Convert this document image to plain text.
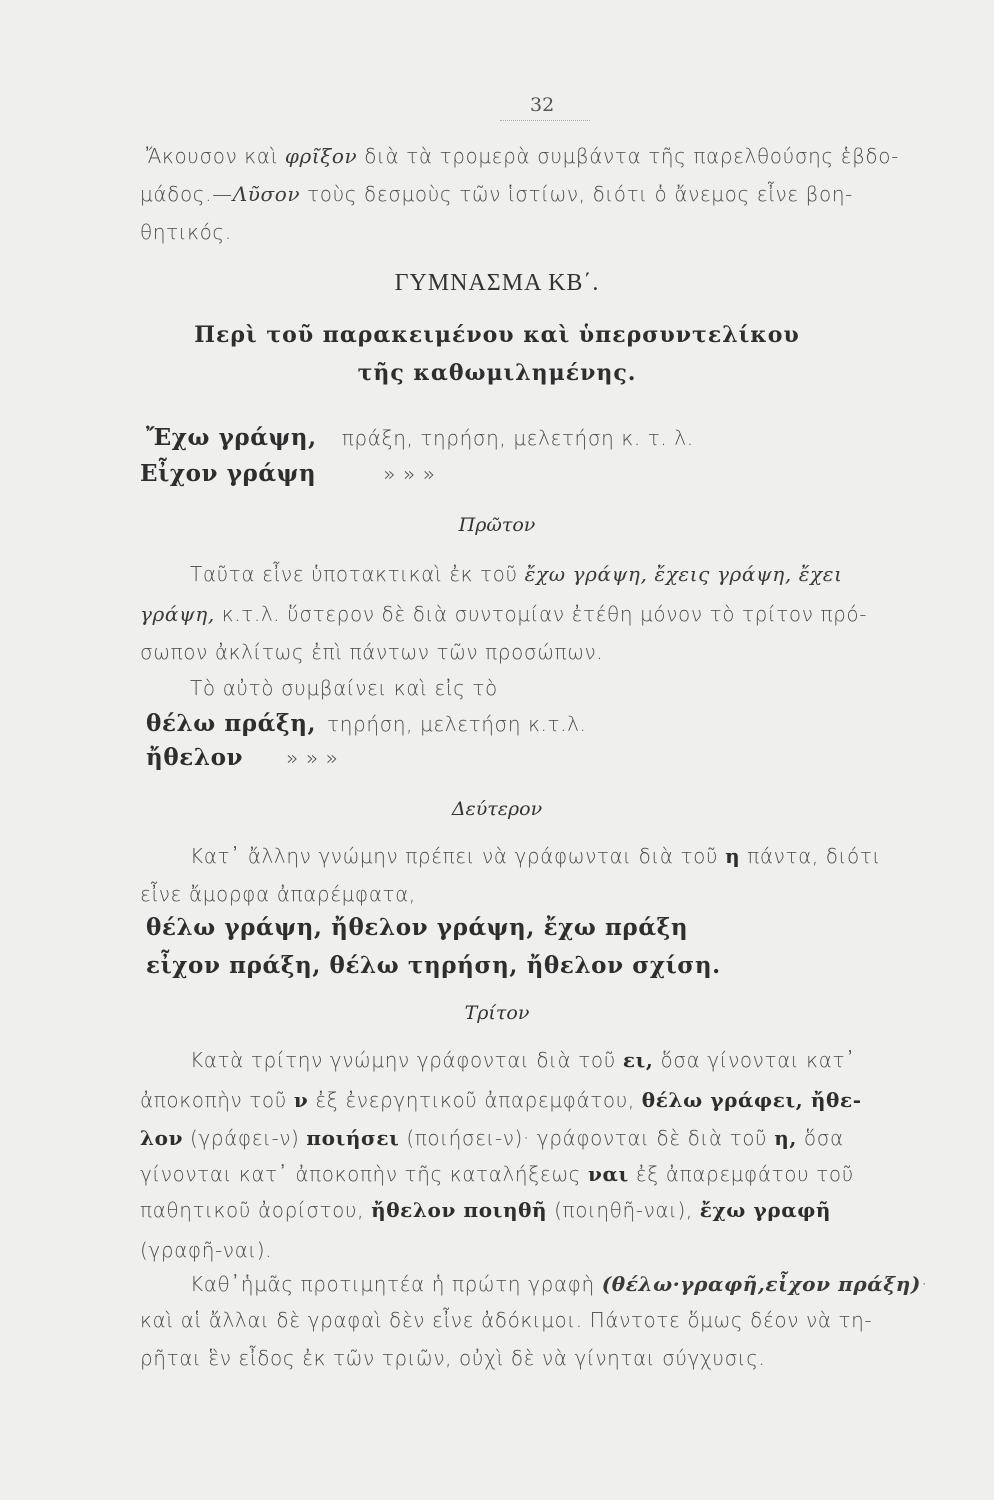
32
Ἄκουσον καὶ φρῖξον διὰ τὰ τρομερὰ συμβάντα τῆς παρελθούσης ἑβδο-
μάδος.—Λῦσον τοὺς δεσμοὺς τῶν ἱστίων, διότι ὁ ἄνεμος εἶνε βοη-
θητικός.
ΓΥΜΝΑΣΜΑ ΚΒ΄.
Περὶ τοῦ παρακειμένου καὶ ὑπερσυντελίκου
τῆς καθωμιλημένης.
Ἔχω γράψη, πράξη, τηρήση, μελετήση κ. τ. λ.
Εἶχον γράψη	» » »
Πρῶτον
Ταῦτα εἶνε ὑποτακτικαὶ ἐκ τοῦ ἔχω γράψη, ἔχεις γράψη, ἔχει
γράψη, κ.τ.λ. ὕστερον δὲ διὰ συντομίαν ἐτέθη μόνον τὸ τρίτον πρό-
σωπον ἀκλίτως ἐπὶ πάντων τῶν προσώπων.
Τὸ αὐτὸ συμβαίνει καὶ εἰς τὸ
θέλω πράξη, τηρήση, μελετήση κ.τ.λ.
ἤθελον » » »
Δεύτερον
Κατ᾽ ἄλλην γνώμην πρέπει νὰ γράφωνται διὰ τοῦ η πάντα, διότι
εἶνε ἄμορφα ἀπαρέμφατα,
θέλω γράψη, ἤθελον γράψη, ἔχω πράξη
εἶχον πράξη, θέλω τηρήση, ἤθελον σχίση.
Τρίτον
Κατὰ τρίτην γνώμην γράφονται διὰ τοῦ ει, ὅσα γίνονται κατ᾽
ἀποκοπὴν τοῦ ν ἐξ ἐνεργητικοῦ ἀπαρεμφάτου, θέλω γράφει, ἤθε-
λον (γράφει-ν) ποιήσει (ποιήσει-ν)· γράφονται δὲ διὰ τοῦ η, ὅσα
γίνονται κατ᾽ ἀποκοπὴν τῆς καταλήξεως ναι ἐξ ἀπαρεμφάτου τοῦ
παθητικοῦ ἀορίστου, ἤθελον ποιηθῆ (ποιηθῆ-ναι), ἔχω γραφῆ
(γραφῆ-ναι).
Καθ᾽ἡμᾶς προτιμητέα ἡ πρώτη γραφὴ (θέλω·γραφῆ,εἶχον πράξη)·
καὶ αἱ ἄλλαι δὲ γραφαὶ δὲν εἶνε ἀδόκιμοι. Πάντοτε ὅμως δέον νὰ τη-
ρῆται ἓν εἶδος ἐκ τῶν τριῶν, οὐχὶ δὲ νὰ γίνηται σύγχυσις.
